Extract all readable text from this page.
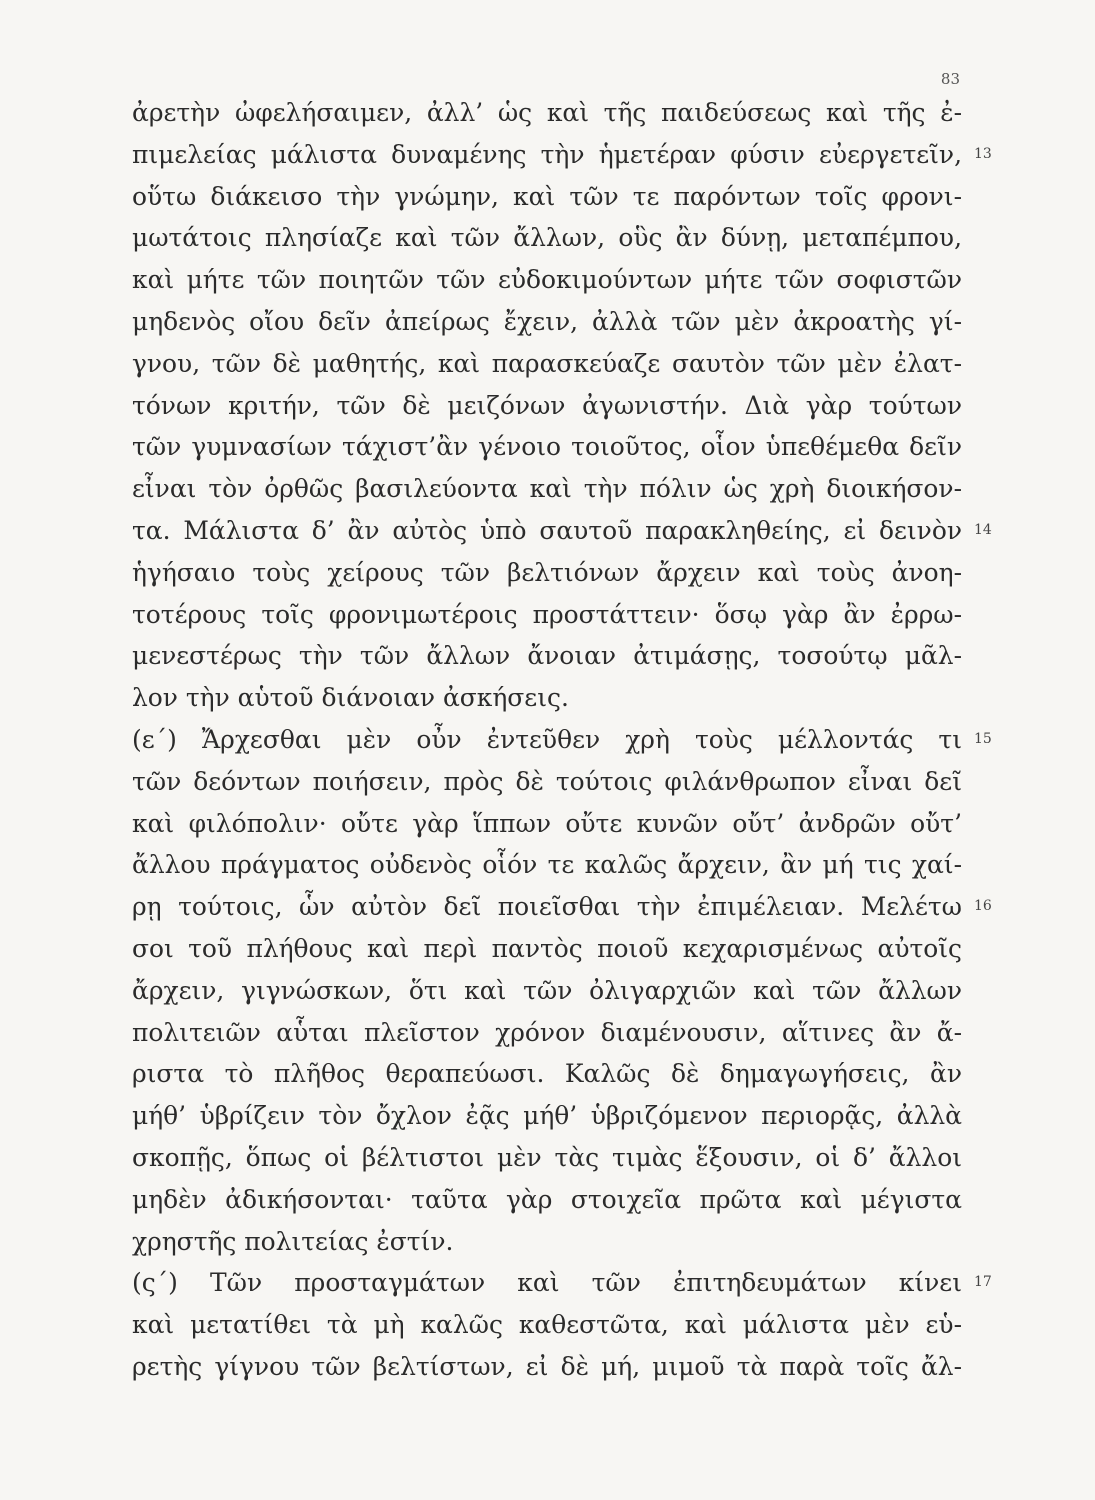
83
ἀρετὴν ὠφελήσαιμεν, ἀλλ’ ὡς καὶ τῆς παιδεύσεως καὶ τῆς ἐ-
πιμελείας μάλιστα δυναμένης τὴν ἡμετέραν φύσιν εὐεργετεῖν, 13
οὕτω διάκεισο τὴν γνώμην, καὶ τῶν τε παρόντων τοῖς φρονι-
μωτάτοις πλησίαζε καὶ τῶν ἄλλων, οὓς ἂν δύνῃ, μεταπέμπου,
καὶ μήτε τῶν ποιητῶν τῶν εὐδοκιμούντων μήτε τῶν σοφιστῶν
μηδενὸς οἴου δεῖν ἀπείρως ἔχειν, ἀλλὰ τῶν μὲν ἀκροατὴς γί-
γνου, τῶν δὲ μαθητής, καὶ παρασκεύαζε σαυτὸν τῶν μὲν ἐλατ-
τόνων κριτήν, τῶν δὲ μειζόνων ἀγωνιστήν. Διὰ γὰρ τούτων
τῶν γυμνασίων τάχιστ’ἂν γένοιο τοιοῦτος, οἷον ὑπεθέμεθα δεῖν
εἶναι τὸν ὀρθῶς βασιλεύοντα καὶ τὴν πόλιν ὡς χρὴ διοικήσον-
τα. Μάλιστα δ’ ἂν αὐτὸς ὑπὸ σαυτοῦ παρακληθείης, εἰ δεινὸν 14
ἡγήσαιο τοὺς χείρους τῶν βελτιόνων ἄρχειν καὶ τοὺς ἀνοη-
τοτέρους τοῖς φρονιμωτέροις προστάττειν· ὅσῳ γὰρ ἂν ἐρρω-
μενεστέρως τὴν τῶν ἄλλων ἄνοιαν ἀτιμάσῃς, τοσούτῳ μᾶλ-
λον τὴν αὑτοῦ διάνοιαν ἀσκήσεις.
(ε΄) Ἄρχεσθαι μὲν οὖν ἐντεῦθεν χρὴ τοὺς μέλλοντάς τι 15
τῶν δεόντων ποιήσειν, πρὸς δὲ τούτοις φιλάνθρωπον εἶναι δεῖ
καὶ φιλόπολιν· οὔτε γὰρ ἵππων οὔτε κυνῶν οὔτ’ ἀνδρῶν οὔτ’
ἄλλου πράγματος οὐδενὸς οἷόν τε καλῶς ἄρχειν, ἂν μή τις χαί-
ρῃ τούτοις, ὧν αὐτὸν δεῖ ποιεῖσθαι τὴν ἐπιμέλειαν. Μελέτω 16
σοι τοῦ πλήθους καὶ περὶ παντὸς ποιοῦ κεχαρισμένως αὐτοῖς
ἄρχειν, γιγνώσκων, ὅτι καὶ τῶν ὀλιγαρχιῶν καὶ τῶν ἄλλων
πολιτειῶν αὗται πλεῖστον χρόνον διαμένουσιν, αἵτινες ἂν ἄ-
ριστα τὸ πλῆθος θεραπεύωσι. Καλῶς δὲ δημαγωγήσεις, ἂν
μήθ’ ὑβρίζειν τὸν ὄχλον ἐᾷς μήθ’ ὑβριζόμενον περιορᾷς, ἀλλὰ
σκοπῇς, ὅπως οἱ βέλτιστοι μὲν τὰς τιμὰς ἕξουσιν, οἱ δ’ ἄλλοι
μηδὲν ἀδικήσονται· ταῦτα γὰρ στοιχεῖα πρῶτα καὶ μέγιστα
χρηστῆς πολιτείας ἐστίν.
(ς΄) Τῶν προσταγμάτων καὶ τῶν ἐπιτηδευμάτων κίνει 17
καὶ μετατίθει τὰ μὴ καλῶς καθεστῶτα, καὶ μάλιστα μὲν εὑ-
ρετὴς γίγνου τῶν βελτίστων, εἰ δὲ μή, μιμοῦ τὰ παρὰ τοῖς ἄλ-
